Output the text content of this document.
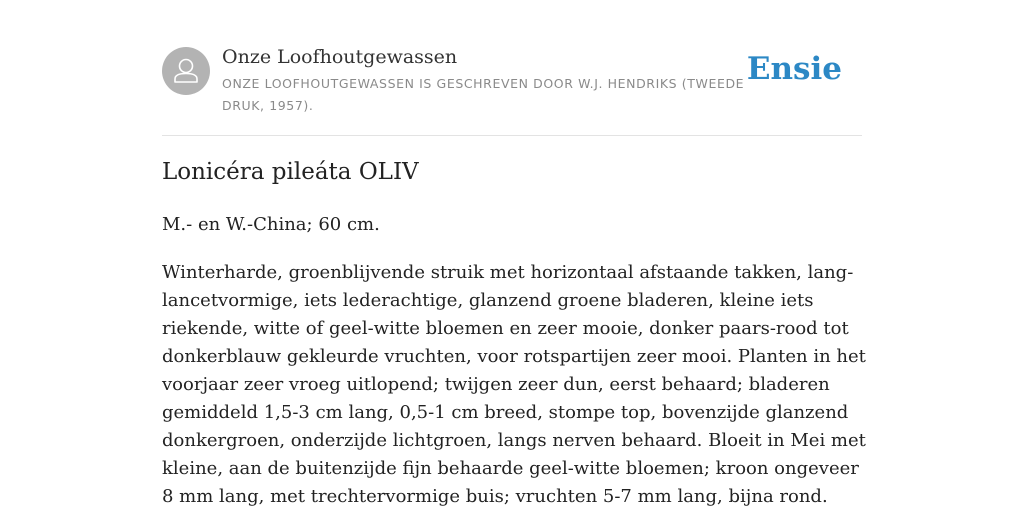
Onze Loofhoutgewassen
ONZE LOOFHOUTGEWASSEN IS GESCHREVEN DOOR W.J. HENDRIKS (TWEEDE DRUK, 1957).
Ensie
Lonicéra pileáta OLIV

M.- en W.-China; 60 cm.

Winterharde, groenblijvende struik met horizontaal afstaande takken, lang-lancetvormige, iets lederachtige, glanzend groene bladeren, kleine iets riekende, witte of geel-witte bloemen en zeer mooie, donker paars-rood tot donkerblauw gekleurde vruchten, voor rotspartijen zeer mooi. Planten in het voorjaar zeer vroeg uitlopend; twijgen zeer dun, eerst behaard; bladeren gemiddeld 1,5-3 cm lang, 0,5-1 cm breed, stompe top, bovenzijde glanzend donkergroen, onderzijde lichtgroen, langs nerven behaard. Bloeit in Mei met kleine, aan de buitenzijde fijn behaarde geel-witte bloemen; kroon ongeveer 8 mm lang, met trechtervormige buis; vruchten 5-7 mm lang, bijna rond.
